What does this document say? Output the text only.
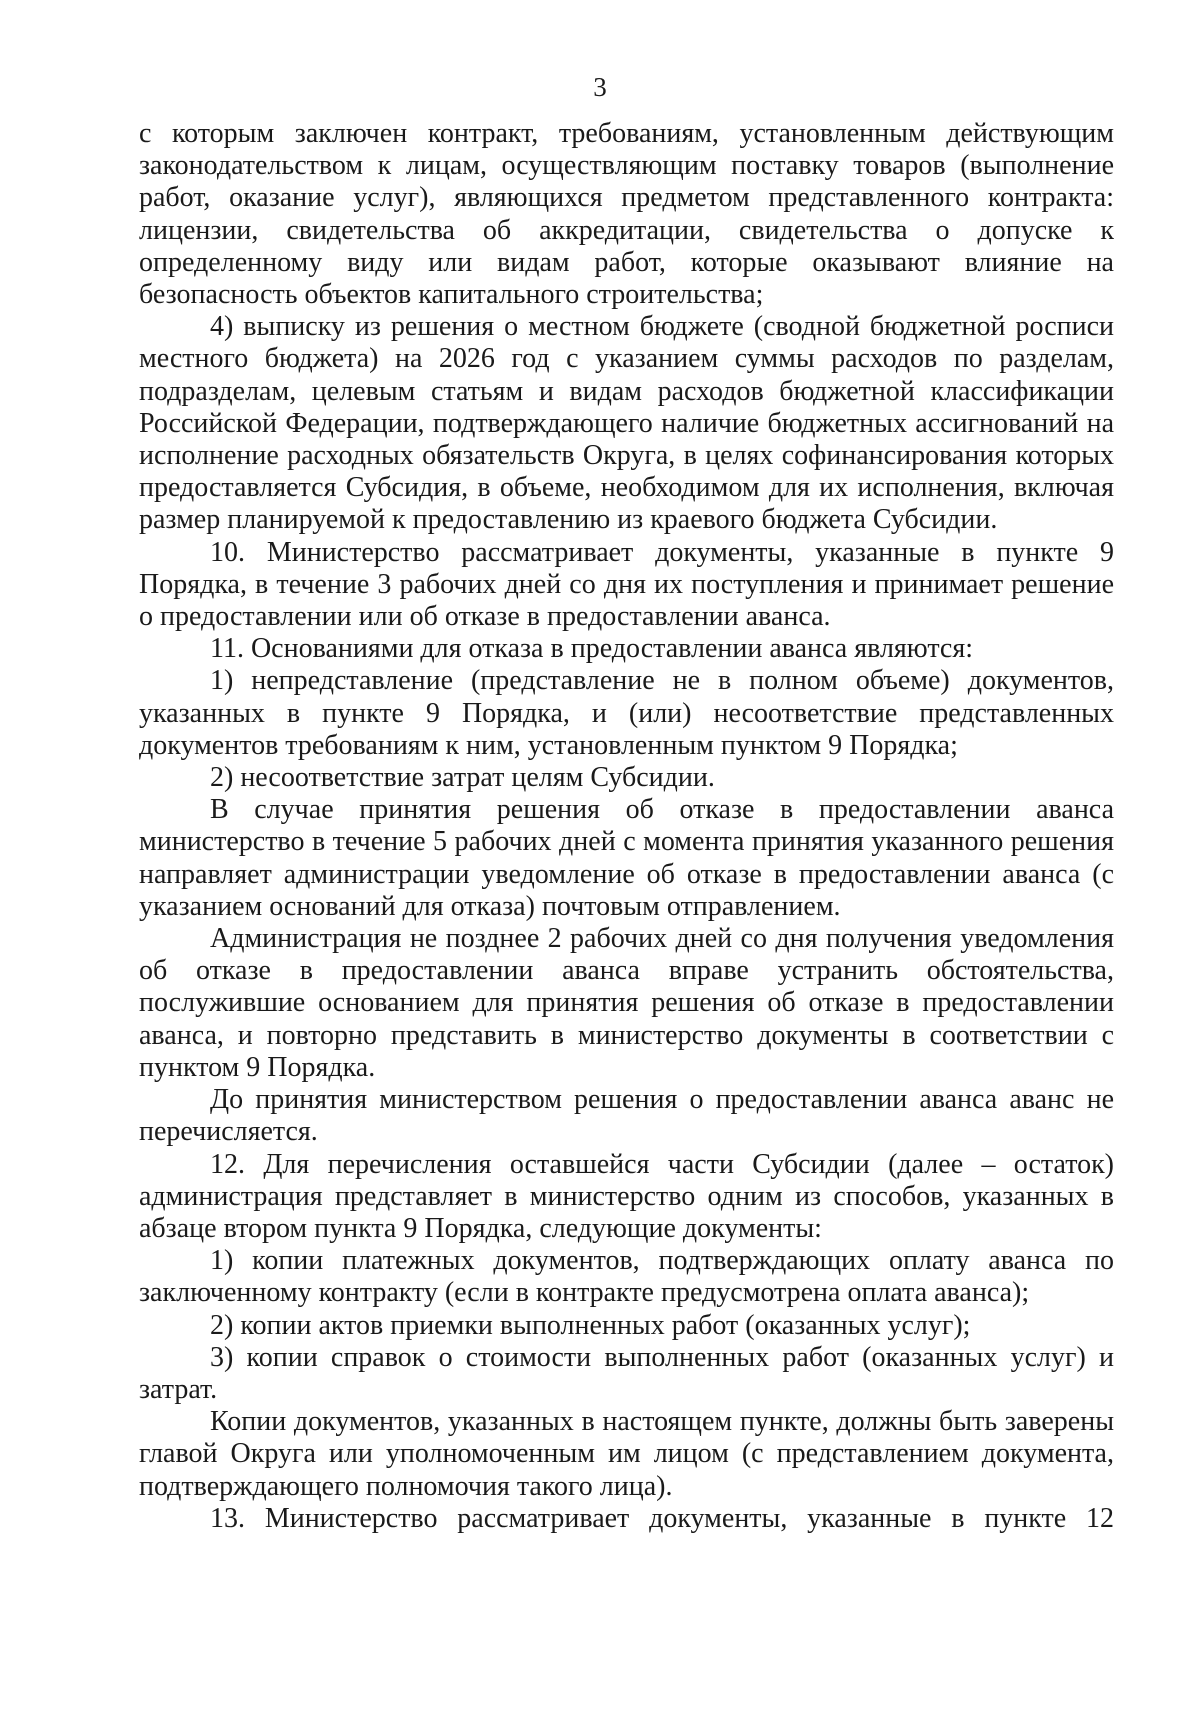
3

с которым заключен контракт, требованиям, установленным действующим законодательством к лицам, осуществляющим поставку товаров (выполнение работ, оказание услуг), являющихся предметом представленного контракта: лицензии, свидетельства об аккредитации, свидетельства о допуске к определенному виду или видам работ, которые оказывают влияние на безопасность объектов капитального строительства;

4) выписку из решения о местном бюджете (сводной бюджетной росписи местного бюджета) на 2026 год с указанием суммы расходов по разделам, подразделам, целевым статьям и видам расходов бюджетной классификации Российской Федерации, подтверждающего наличие бюджетных ассигнований на исполнение расходных обязательств Округа, в целях софинансирования которых предоставляется Субсидия, в объеме, необходимом для их исполнения, включая размер планируемой к предоставлению из краевого бюджета Субсидии.

10. Министерство рассматривает документы, указанные в пункте 9 Порядка, в течение 3 рабочих дней со дня их поступления и принимает решение о предоставлении или об отказе в предоставлении аванса.

11. Основаниями для отказа в предоставлении аванса являются:

1) непредставление (представление не в полном объеме) документов, указанных в пункте 9 Порядка, и (или) несоответствие представленных документов требованиям к ним, установленным пунктом 9 Порядка;

2) несоответствие затрат целям Субсидии.

В случае принятия решения об отказе в предоставлении аванса министерство в течение 5 рабочих дней с момента принятия указанного решения направляет администрации уведомление об отказе в предоставлении аванса (с указанием оснований для отказа) почтовым отправлением.

Администрация не позднее 2 рабочих дней со дня получения уведомления об отказе в предоставлении аванса вправе устранить обстоятельства, послужившие основанием для принятия решения об отказе в предоставлении аванса, и повторно представить в министерство документы в соответствии с пунктом 9 Порядка.

До принятия министерством решения о предоставлении аванса аванс не перечисляется.

12. Для перечисления оставшейся части Субсидии (далее – остаток) администрация представляет в министерство одним из способов, указанных в абзаце втором пункта 9 Порядка, следующие документы:

1) копии платежных документов, подтверждающих оплату аванса по заключенному контракту (если в контракте предусмотрена оплата аванса);

2) копии актов приемки выполненных работ (оказанных услуг);

3) копии справок о стоимости выполненных работ (оказанных услуг) и затрат.

Копии документов, указанных в настоящем пункте, должны быть заверены главой Округа или уполномоченным им лицом (с представлением документа, подтверждающего полномочия такого лица).

13. Министерство рассматривает документы, указанные в пункте 12
